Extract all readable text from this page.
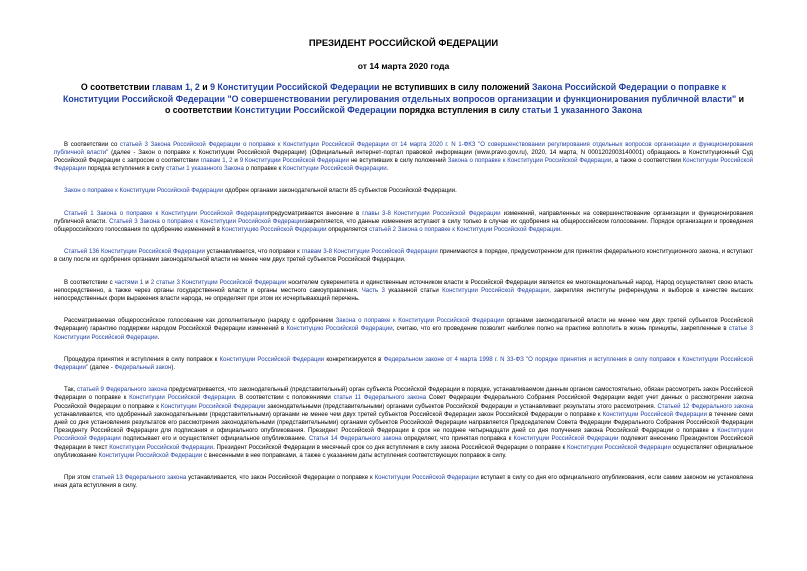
ПРЕЗИДЕНТ РОССИЙСКОЙ ФЕДЕРАЦИИ
от 14 марта 2020 года
О соответствии главам 1, 2 и 9 Конституции Российской Федерации не вступивших в силу положений Закона Российской Федерации о поправке к Конституции Российской Федерации "О совершенствовании регулирования отдельных вопросов организации и функционирования публичной власти" и о соответствии Конституции Российской Федерации порядка вступления в силу статьи 1 указанного Закона
В соответствии со статьей 3 Закона Российской Федерации о поправке к Конституции Российской Федерации от 14 марта 2020 г. N 1-ФКЗ "О совершенствовании регулирования отдельных вопросов организации и функционирования публичной власти" (далее - Закон о поправке к Конституции Российской Федерации) (Официальный интернет-портал правовой информации (www.pravo.gov.ru), 2020, 14 марта, N 0001202003140001) обращаюсь в Конституционный Суд Российской Федерации с запросом о соответствии главам 1, 2 и 9 Конституции Российской Федерации не вступивших в силу положений Закона о поправке к Конституции Российской Федерации, а также о соответствии Конституции Российской Федерации порядка вступления в силу статьи 1 указанного Закона о поправке к Конституции Российской Федерации.
Закон о поправке к Конституции Российской Федерации одобрен органами законодательной власти 85 субъектов Российской Федерации.
Статьей 1 Закона о поправке к Конституции Российской Федерациипредусматривается внесение в главы 3-8 Конституции Российской Федерации изменений, направленных на совершенствование организации и функционирования публичной власти. Статьей 3 Закона о поправке к Конституции Российской Федерациизакрепляется, что данные изменения вступают в силу только в случае их одобрения на общероссийском голосовании. Порядок организации и проведения общероссийского голосования по одобрению изменений в Конституцию Российской Федерации определяется статьей 2 Закона о поправке к Конституции Российской Федерации.
Статьей 136 Конституции Российской Федерации устанавливается, что поправки к главам 3-8 Конституции Российской Федерации принимаются в порядке, предусмотренном для принятия федерального конституционного закона, и вступают в силу после их одобрения органами законодательной власти не менее чем двух третей субъектов Российской Федерации.
В соответствии с частями 1 и 2 статьи 3 Конституции Российской Федерации носителем суверенитета и единственным источником власти в Российской Федерации является ее многонациональный народ. Народ осуществляет свою власть непосредственно, а также через органы государственной власти и органы местного самоуправления. Часть 3 указанной статьи Конституции Российской Федерации, закрепляя институты референдума и выборов в качестве высших непосредственных форм выражения власти народа, не определяет при этом их исчерпывающий перечень.
Рассматриваемая общероссийское голосование как дополнительную (наряду с одобрением Закона о поправке к Конституции Российской Федерации органами законодательной власти не менее чем двух третей субъектов Российской Федерации) гарантию поддержки народом Российской Федерации изменений в Конституцию Российской Федерации, считаю, что его проведение позволит наиболее полно на практике воплотить в жизнь принципы, закрепленные в статье 3 Конституции Российской Федерации.
Процедура принятия и вступления в силу поправок к Конституции Российской Федерации конкретизируется в Федеральном законе от 4 марта 1998 г. N 33-ФЗ "О порядке принятия и вступления в силу поправок к Конституции Российской Федерации" (далее - Федеральный закон).
Так, статьей 9 Федерального закона предусматривается, что законодательный (представительный) орган субъекта Российской Федерации в порядке, устанавливаемом данным органом самостоятельно, обязан рассмотреть закон Российской Федерации о поправке к Конституции Российской Федерации. В соответствии с положениями статьи 11 Федерального закона Совет Федерации Федерального Собрания Российской Федерации ведет учет данных о рассмотрении закона Российской Федерации о поправке к Конституции Российской Федерации законодательными (представительными) органами субъектов Российской Федерации и устанавливает результаты этого рассмотрения. Статьей 12 Федерального закона устанавливается, что одобренный законодательными (представительными) органами не менее чем двух третей субъектов Российской Федерации закон Российской Федерации о поправке к Конституции Российской Федерации в течение семи дней со дня установления результатов его рассмотрения законодательными (представительными) органами субъектов Российской Федерации направляется Председателем Совета Федерации Федерального Собрания Российской Федерации Президенту Российской Федерации для подписания и официального опубликования. Президент Российской Федерации в срок не позднее четырнадцати дней со дня получения закона Российской Федерации о поправке к Конституции Российской Федерации подписывает его и осуществляет официальное опубликование. Статья 14 Федерального закона определяет, что принятая поправка к Конституции Российской Федерации подлежит внесению Президентом Российской Федерации в текст Конституции Российской Федерации. Президент Российской Федерации в месячный срок со дня вступления в силу закона Российской Федерации о поправке к Конституции Российской Федерации осуществляет официальное опубликование Конституции Российской Федерации с внесенными в нее поправками, а также с указанием даты вступления соответствующих поправок в силу.
При этом статьей 13 Федерального закона устанавливается, что закон Российской Федерации о поправке к Конституции Российской Федерации вступает в силу со дня его официального опубликования, если самим законом не установлена иная дата вступления в силу.
